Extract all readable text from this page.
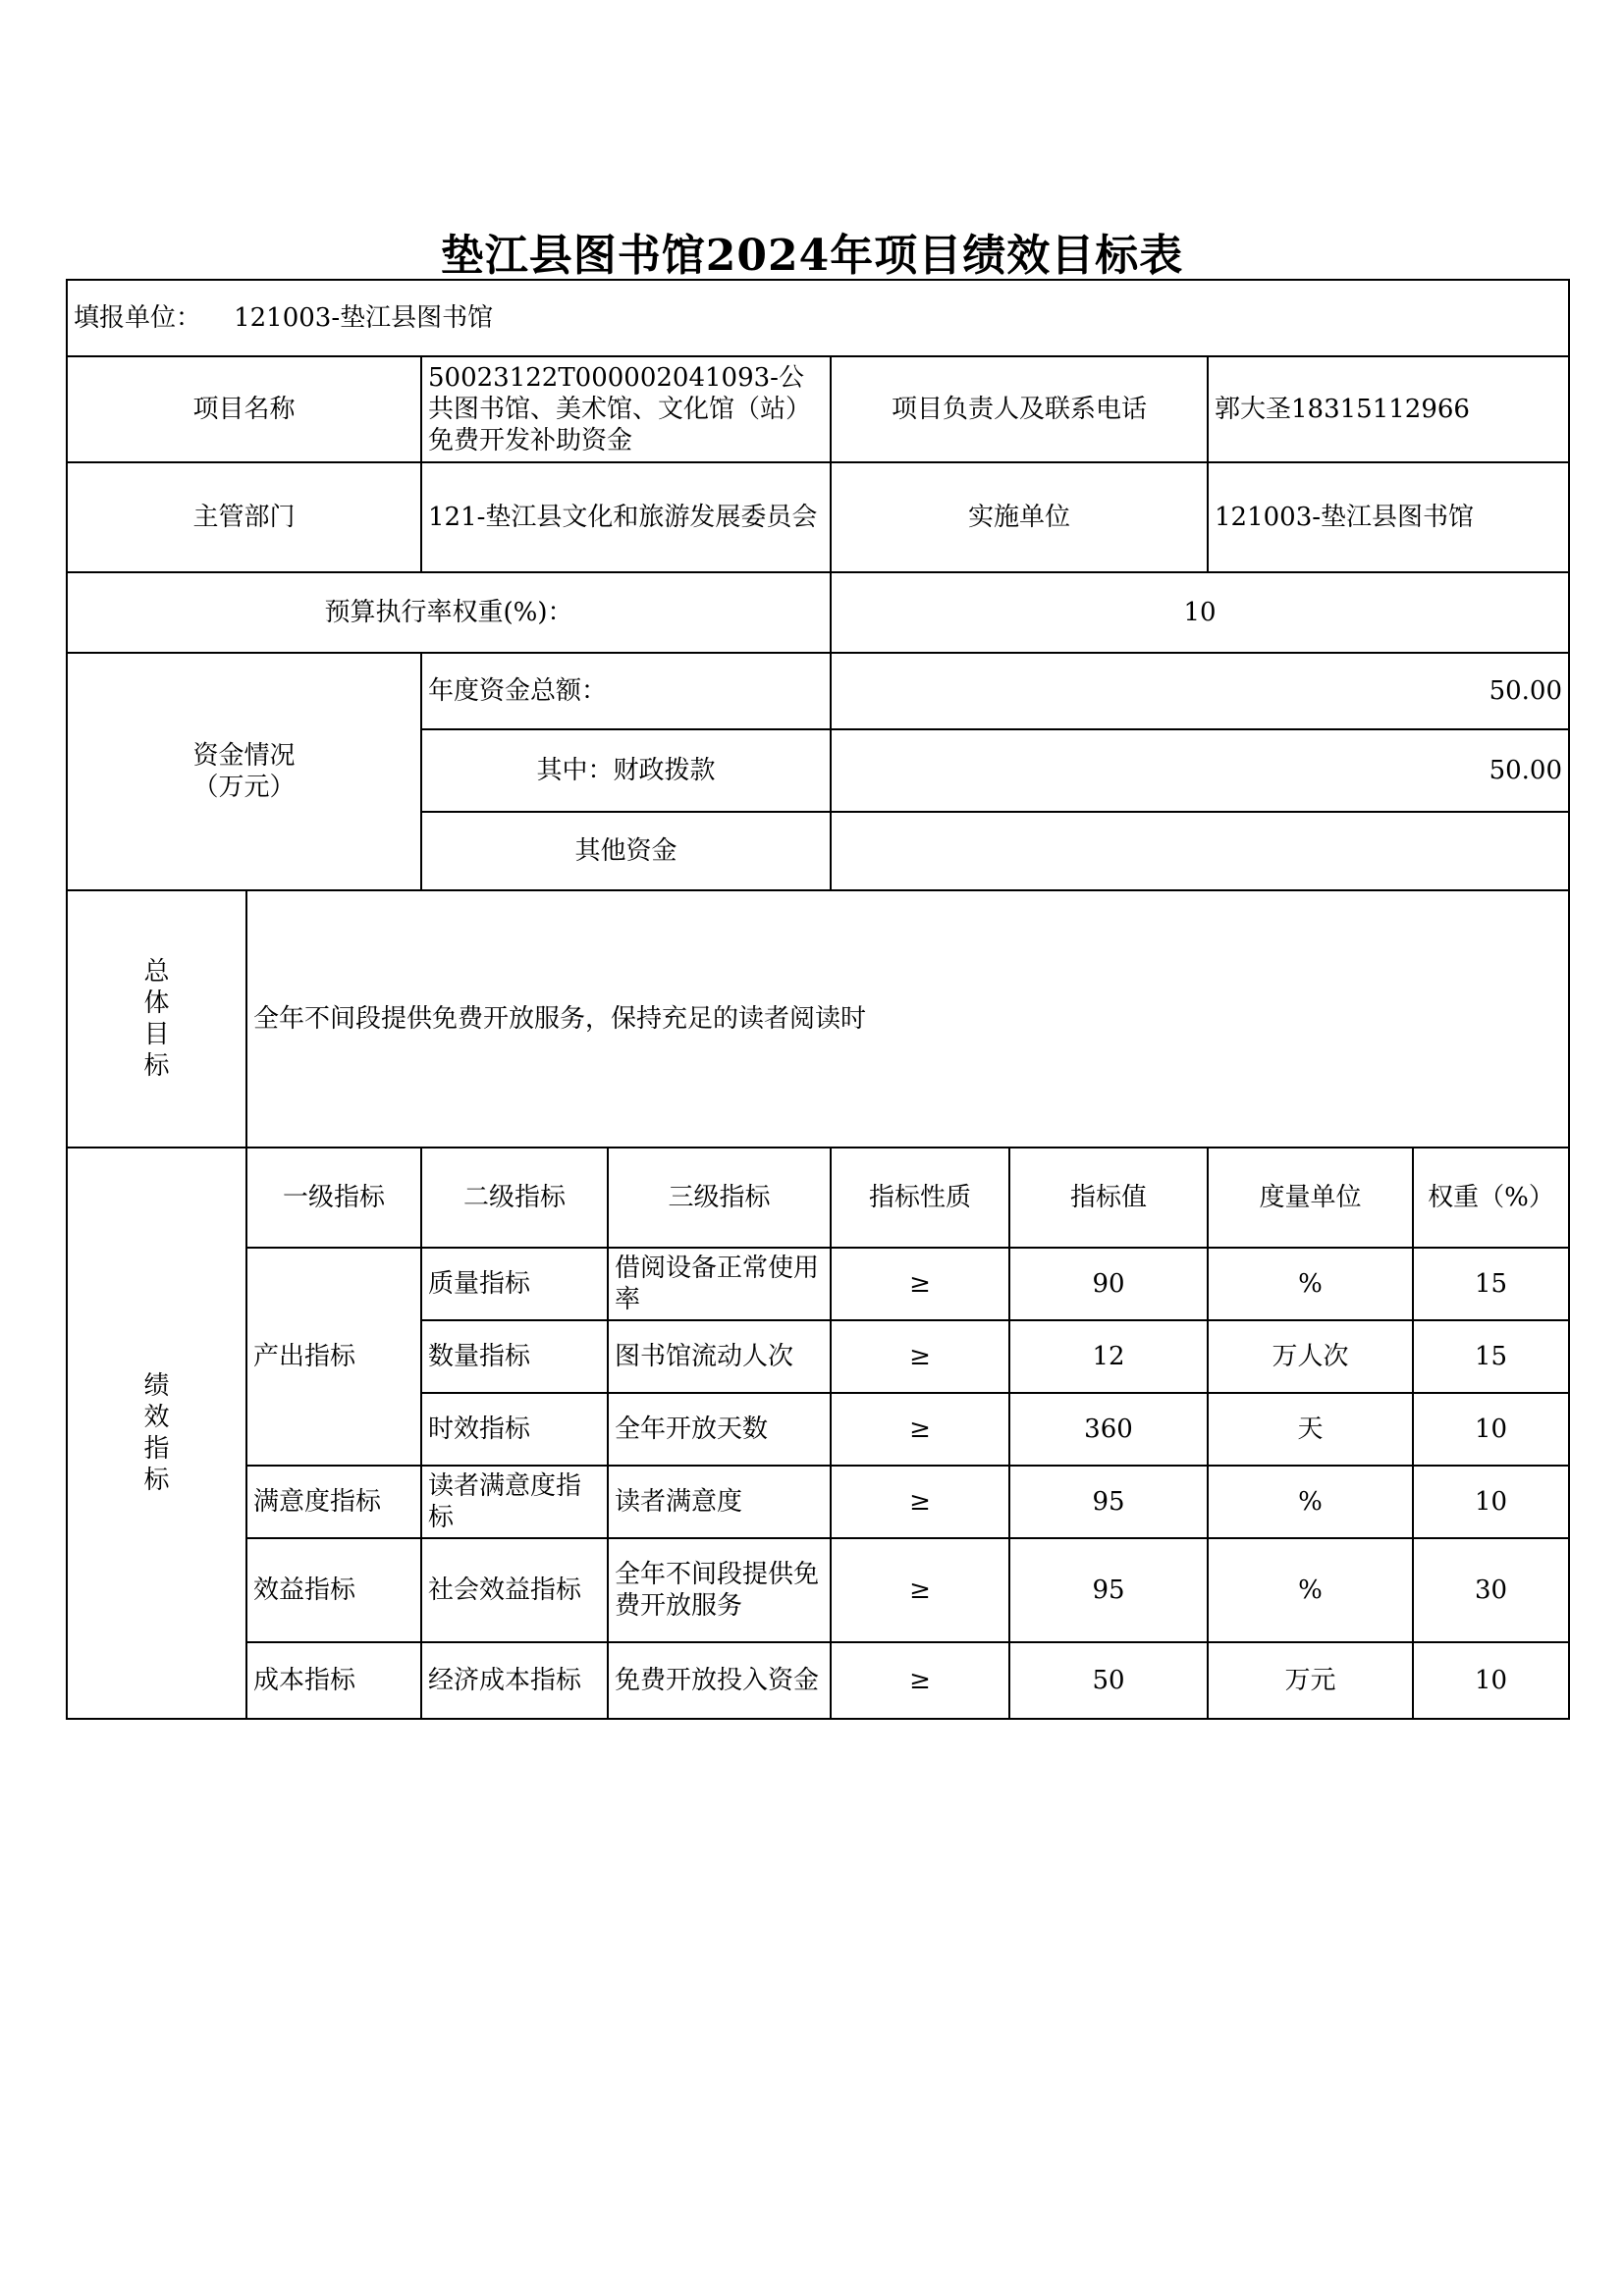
垫江县图书馆2024年项目绩效目标表
填报单位： 121003-垫江县图书馆							
项目名称		50023122T000002041093-公共图书馆、美术馆、文化馆（站）免费开发补助资金		项目负责人及联系电话		郭大圣18315112966	
主管部门		121-垫江县文化和旅游发展委员会		实施单位		121003-垫江县图书馆	
预算执行率权重(%)：				10			
资金情况
（万元）		年度资金总额：		50.00			
		其中：财政拨款		50.00			
		其他资金					

总
体
目
标	全年不间段提供免费开放服务，保持充足的读者阅读时						

绩
效
指
标	一级指标	二级指标	三级指标	指标性质	指标值	度量单位	权重（%）
	产出指标	质量指标	借阅设备正常使用率	≥	90	%	15
		数量指标	图书馆流动人次	≥	12	万人次	15
		时效指标	全年开放天数	≥	360	天	10
	满意度指标	读者满意度指标	读者满意度	≥	95	%	10
	效益指标	社会效益指标	全年不间段提供免费开放服务	≥	95	%	30
	成本指标	经济成本指标	免费开放投入资金	≥	50	万元	10
